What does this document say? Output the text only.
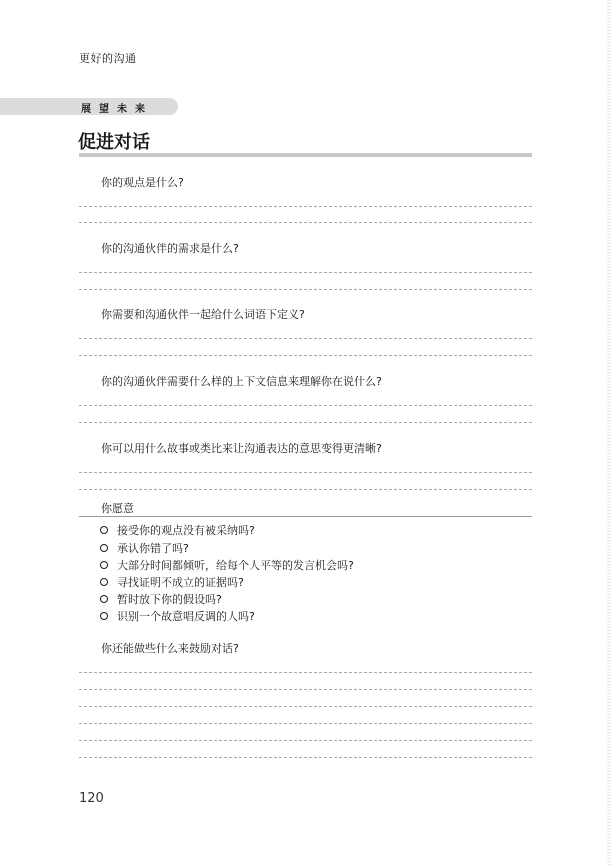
更好的沟通
展望未来
促进对话
你的观点是什么?
你的沟通伙伴的需求是什么?
你需要和沟通伙伴一起给什么词语下定义?
你的沟通伙伴需要什么样的上下文信息来理解你在说什么?
你可以用什么故事或类比来让沟通表达的意思变得更清晰?
你愿意
接受你的观点没有被采纳吗?
承认你错了吗?
大部分时间都倾听，给每个人平等的发言机会吗?
寻找证明不成立的证据吗?
暂时放下你的假设吗?
识别一个故意唱反调的人吗?
你还能做些什么来鼓励对话?
120
